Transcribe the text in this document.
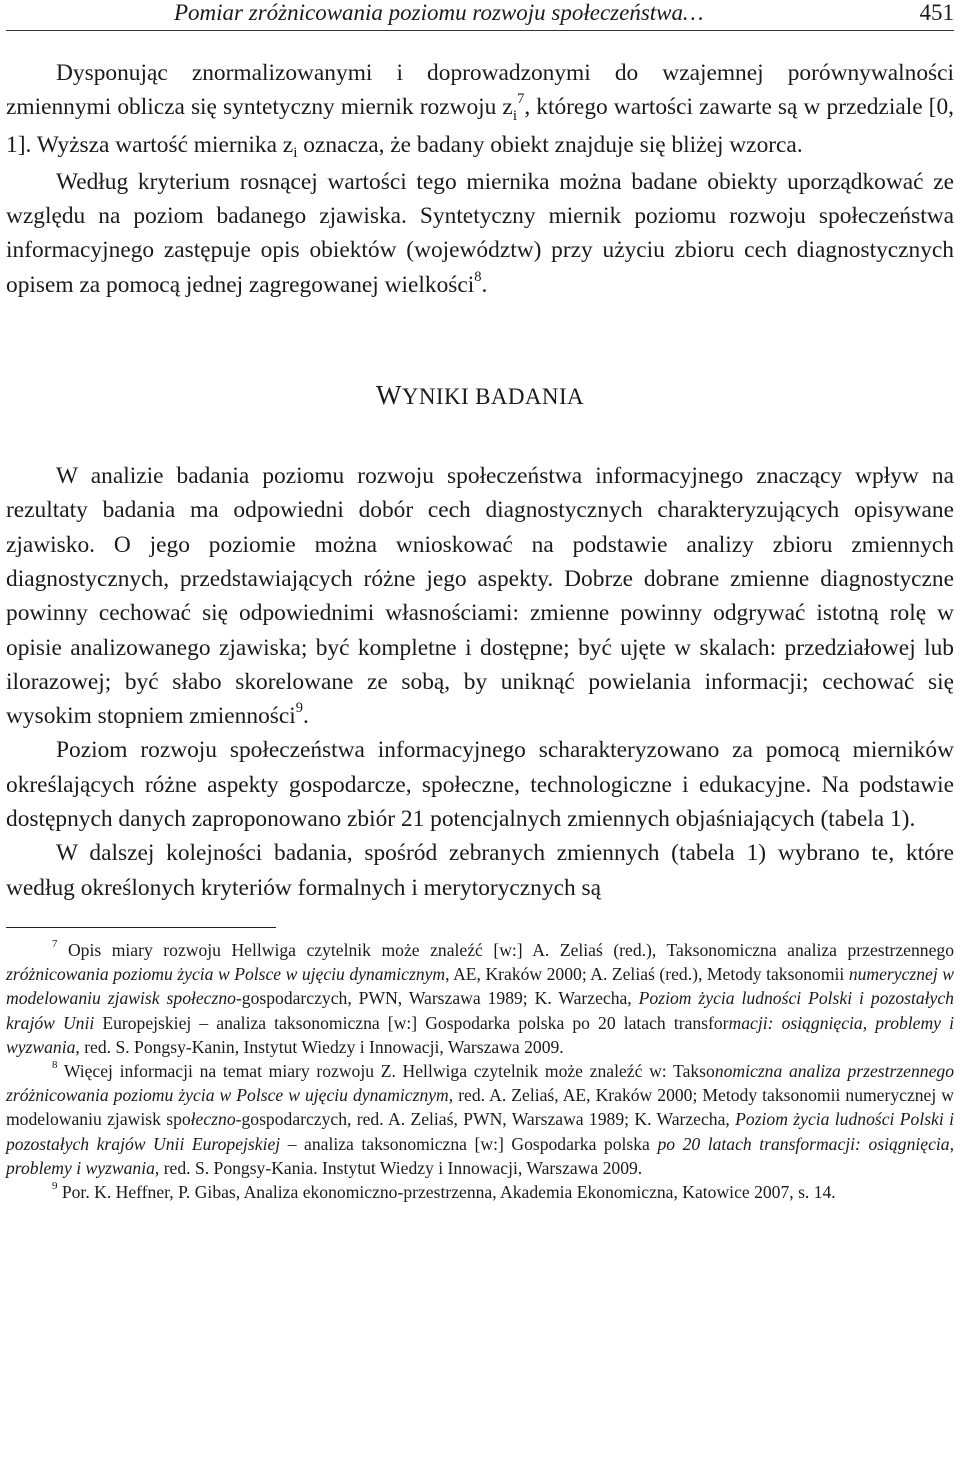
Pomiar zróżnicowania poziomu rozwoju społeczeństwa…	451

Dysponując znormalizowanymi i doprowadzonymi do wzajemnej porównywalności zmiennymi oblicza się syntetyczny miernik rozwoju $z_i^7$, którego wartości zawarte są w przedziale [0, 1]. Wyższa wartość miernika $z_i$ oznacza, że badany obiekt znajduje się bliżej wzorca.

Według kryterium rosnącej wartości tego miernika można badane obiekty uporządkować ze względu na poziom badanego zjawiska. Syntetyczny miernik poziomu rozwoju społeczeństwa informacyjnego zastępuje opis obiektów (województw) przy użyciu zbioru cech diagnostycznych opisem za pomocą jednej zagregowanej wielkości$^8$.

WYNIKI BADANIA

W analizie badania poziomu rozwoju społeczeństwa informacyjnego znaczący wpływ na rezultaty badania ma odpowiedni dobór cech diagnostycznych charakteryzujących opisywane zjawisko. O jego poziomie można wnioskować na podstawie analizy zbioru zmiennych diagnostycznych, przedstawiających różne jego aspekty. Dobrze dobrane zmienne diagnostyczne powinny cechować się odpowiednimi własnościami: zmienne powinny odgrywać istotną rolę w opisie analizowanego zjawiska; być kompletne i dostępne; być ujęte w skalach: przedziałowej lub ilorazowej; być słabo skorelowane ze sobą, by uniknąć powielania informacji; cechować się wysokim stopniem zmienności$^9$.

Poziom rozwoju społeczeństwa informacyjnego scharakteryzowano za pomocą mierników określających różne aspekty gospodarcze, społeczne, technologiczne i edukacyjne. Na podstawie dostępnych danych zaproponowano zbiór 21 potencjalnych zmiennych objaśniających (tabela 1).

W dalszej kolejności badania, spośród zebranych zmiennych (tabela 1) wybrano te, które według określonych kryteriów formalnych i merytorycznych są

$^7$ Opis miary rozwoju Hellwiga czytelnik może znaleźć [w:] A. Zeliaś (red.), Taksonomiczna analiza przestrzennego zróżnicowania poziomu życia w Polsce w ujęciu dynamicznym, AE, Kraków 2000; A. Zeliaś (red.), Metody taksonomii numerycznej w modelowaniu zjawisk społeczno-gospodarczych, PWN, Warszawa 1989; K. Warzecha, Poziom życia ludności Polski i pozostałych krajów Unii Europejskiej – analiza taksonomiczna [w:] Gospodarka polska po 20 latach transformacji: osiągnięcia, problemy i wyzwania, red. S. Pongsy-Kanin, Instytut Wiedzy i Innowacji, Warszawa 2009.

$^8$ Więcej informacji na temat miary rozwoju Z. Hellwiga czytelnik może znaleźć w: Taksonomiczna analiza przestrzennego zróżnicowania poziomu życia w Polsce w ujęciu dynamicznym, red. A. Zeliaś, AE, Kraków 2000; Metody taksonomii numerycznej w modelowaniu zjawisk społeczno-gospodarczych, red. A. Zeliaś, PWN, Warszawa 1989; K. Warzecha, Poziom życia ludności Polski i pozostałych krajów Unii Europejskiej – analiza taksonomiczna [w:] Gospodarka polska po 20 latach transformacji: osiągnięcia, problemy i wyzwania, red. S. Pongsy-Kania. Instytut Wiedzy i Innowacji, Warszawa 2009.

$^9$ Por. K. Heffner, P. Gibas, Analiza ekonomiczno-przestrzenna, Akademia Ekonomiczna, Katowice 2007, s. 14.
